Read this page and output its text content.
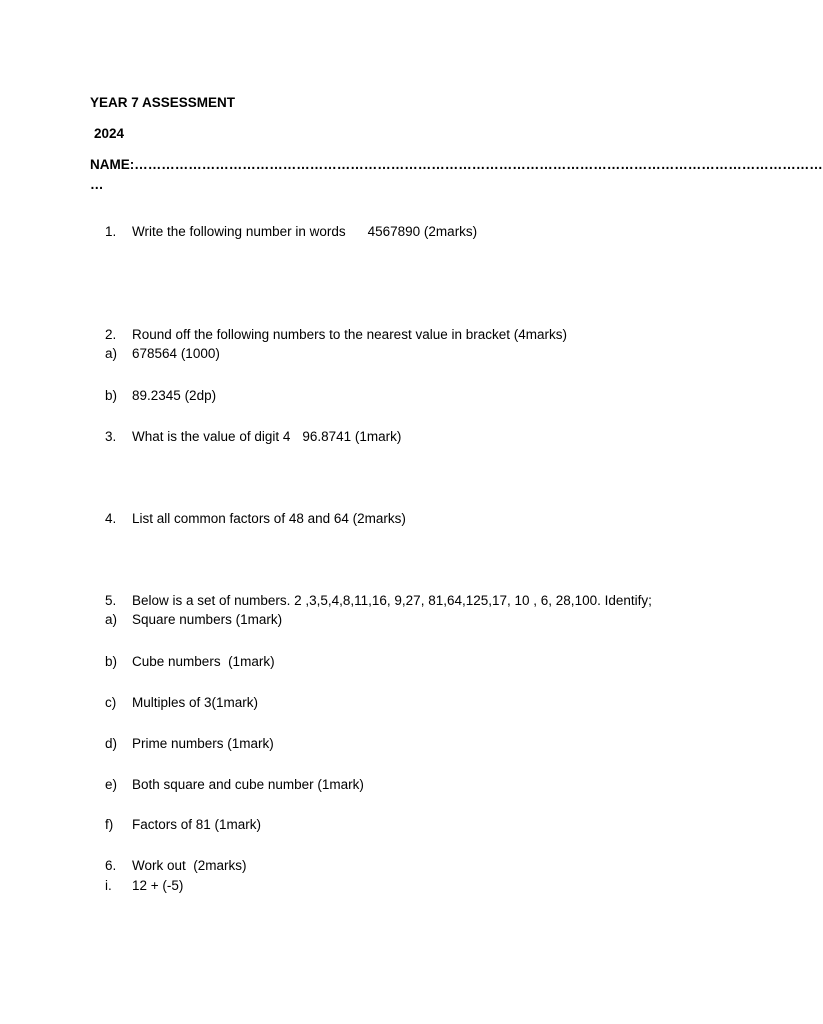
YEAR 7 ASSESSMENT
2024
NAME:………………………………………………………………………………………………………………………………………
…

1. Write the following number in words 4567890 (2marks)

2. Round off the following numbers to the nearest value in bracket (4marks)

a) 678564 (1000)

b) 89.2345 (2dp)

3. What is the value of digit 4 96.8741 (1mark)

4. List all common factors of 48 and 64 (2marks)

5. Below is a set of numbers. 2 ,3,5,4,8,11,16, 9,27, 81,64,125,17, 10 , 6, 28,100. Identify;

a) Square numbers (1mark)

b) Cube numbers  (1mark)

c) Multiples of 3(1mark)

d) Prime numbers (1mark)

e) Both square and cube number (1mark)

f) Factors of 81 (1mark)

6. Work out  (2marks)

i. 12 + (-5)
